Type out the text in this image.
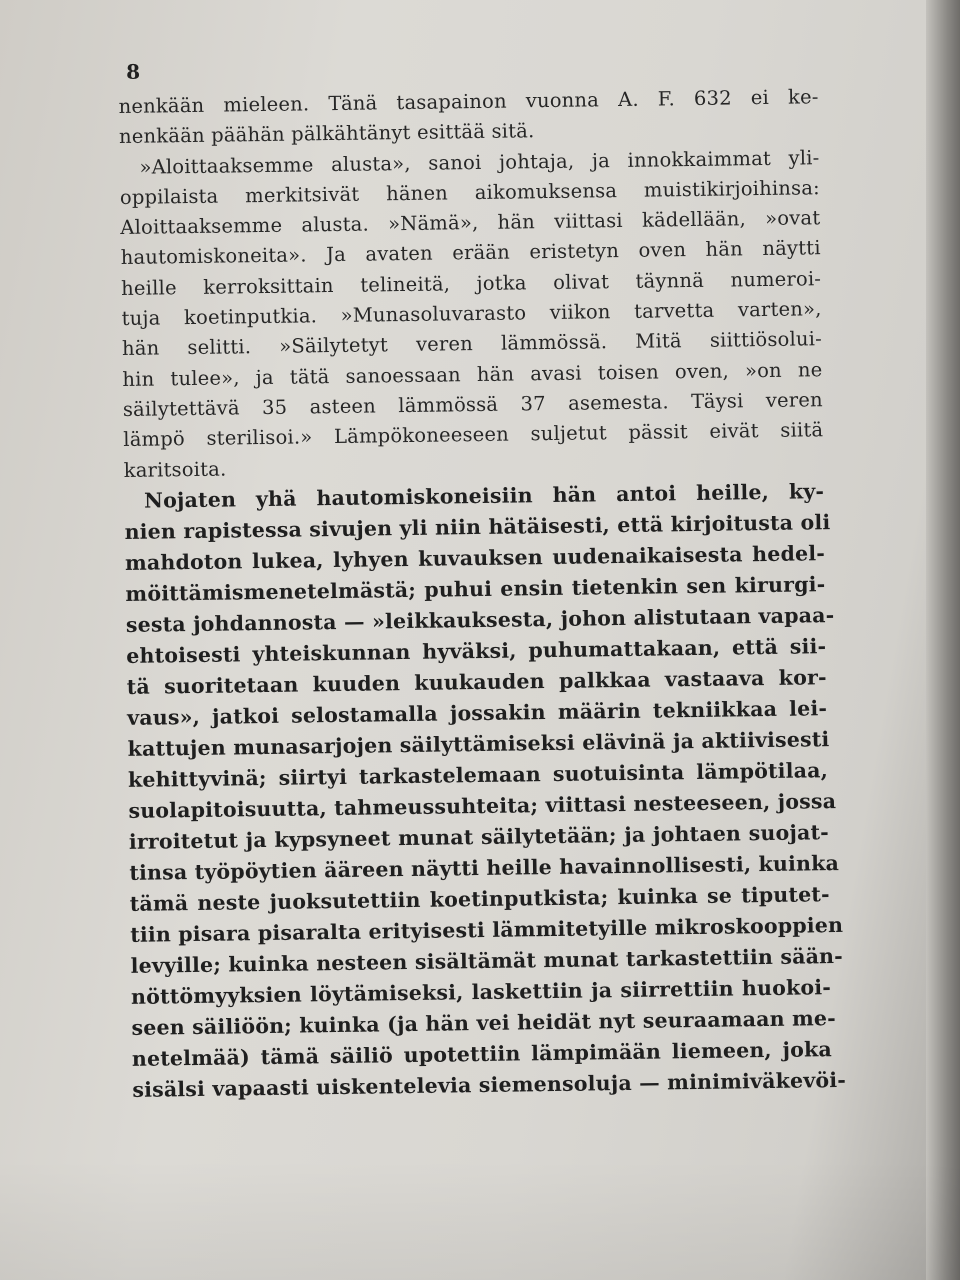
8
nenkään mieleen. Tänä tasapainon vuonna A. F. 632 ei ke-
nenkään päähän pälkähtänyt esittää sitä.
»Aloittaaksemme alusta», sanoi johtaja, ja innokkaimmat yli-
oppilaista merkitsivät hänen aikomuksensa muistikirjoihinsa:
Aloittaaksemme alusta. »Nämä», hän viittasi kädellään, »ovat
hautomiskoneita». Ja avaten erään eristetyn oven hän näytti
heille kerroksittain telineitä, jotka olivat täynnä numeroi-
tuja koetinputkia. »Munasoluvarasto viikon tarvetta varten»,
hän selitti. »Säilytetyt veren lämmössä. Mitä siittiösolui-
hin tulee», ja tätä sanoessaan hän avasi toisen oven, »on ne
säilytettävä 35 asteen lämmössä 37 asemesta. Täysi veren
lämpö sterilisoi.» Lämpökoneeseen suljetut pässit eivät siitä
karitsoita.
Nojaten yhä hautomiskoneisiin hän antoi heille, ky-
nien rapistessa sivujen yli niin hätäisesti, että kirjoitusta oli
mahdoton lukea, lyhyen kuvauksen uudenaikaisesta hedel-
möittämismenetelmästä; puhui ensin tietenkin sen kirurgi-
sesta johdannosta — »leikkauksesta, johon alistutaan vapaa-
ehtoisesti yhteiskunnan hyväksi, puhumattakaan, että sii-
tä suoritetaan kuuden kuukauden palkkaa vastaava kor-
vaus», jatkoi selostamalla jossakin määrin tekniikkaa lei-
kattujen munasarjojen säilyttämiseksi elävinä ja aktiivisesti
kehittyvinä; siirtyi tarkastelemaan suotuisinta lämpötilaa,
suolapitoisuutta, tahmeussuhteita; viittasi nesteeseen, jossa
irroitetut ja kypsyneet munat säilytetään; ja johtaen suojat-
tinsa työpöytien ääreen näytti heille havainnollisesti, kuinka
tämä neste juoksutettiin koetinputkista; kuinka se tiputet-
tiin pisara pisaralta erityisesti lämmitetyille mikroskooppien
levyille; kuinka nesteen sisältämät munat tarkastettiin sään-
nöttömyyksien löytämiseksi, laskettiin ja siirrettiin huokoi-
seen säiliöön; kuinka (ja hän vei heidät nyt seuraamaan me-
netelmää) tämä säiliö upotettiin lämpimään liemeen, joka
sisälsi vapaasti uiskentelevia siemensoluja — minimiväkevöi-
